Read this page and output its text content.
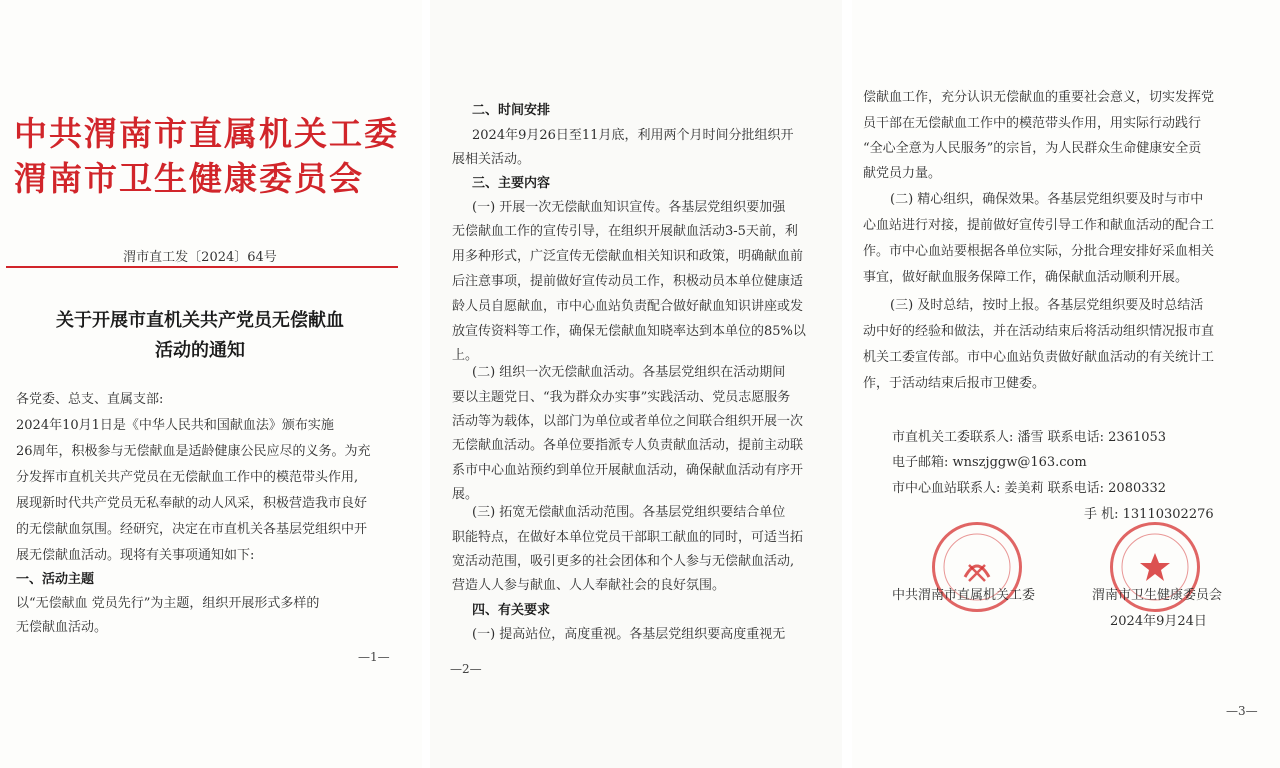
中共渭南市直属机关工委
渭南市卫生健康委员会
渭市直工发〔2024〕64号
关于开展市直机关共产党员无偿献血
活动的通知
各党委、总支、直属支部:
2024年10月1日是《中华人民共和国献血法》颁布实施
26周年，积极参与无偿献血是适龄健康公民应尽的义务。为充
分发挥市直机关共产党员在无偿献血工作中的模范带头作用,
展现新时代共产党员无私奉献的动人风采，积极营造我市良好
的无偿献血氛围。经研究，决定在市直机关各基层党组织中开
展无偿献血活动。现将有关事项通知如下:
一、活动主题
以“无偿献血 党员先行”为主题，组织开展形式多样的
无偿献血活动。
—1—
二、时间安排
2024年9月26日至11月底，利用两个月时间分批组织开
展相关活动。
三、主要内容
(一) 开展一次无偿献血知识宣传。各基层党组织要加强
无偿献血工作的宣传引导，在组织开展献血活动3-5天前，利
用多种形式，广泛宣传无偿献血相关知识和政策，明确献血前
后注意事项，提前做好宣传动员工作，积极动员本单位健康适
龄人员自愿献血，市中心血站负责配合做好献血知识讲座或发
放宣传资料等工作，确保无偿献血知晓率达到本单位的85%以
上。
(二) 组织一次无偿献血活动。各基层党组织在活动期间
要以主题党日、“我为群众办实事”实践活动、党员志愿服务
活动等为载体，以部门为单位或者单位之间联合组织开展一次
无偿献血活动。各单位要指派专人负责献血活动，提前主动联
系市中心血站预约到单位开展献血活动，确保献血活动有序开
展。
(三) 拓宽无偿献血活动范围。各基层党组织要结合单位
职能特点，在做好本单位党员干部职工献血的同时，可适当拓
宽活动范围，吸引更多的社会团体和个人参与无偿献血活动,
营造人人参与献血、人人奉献社会的良好氛围。
四、有关要求
(一) 提高站位，高度重视。各基层党组织要高度重视无
—2—
偿献血工作，充分认识无偿献血的重要社会意义，切实发挥党
员干部在无偿献血工作中的模范带头作用，用实际行动践行
“全心全意为人民服务”的宗旨，为人民群众生命健康安全贡
献党员力量。
(二) 精心组织，确保效果。各基层党组织要及时与市中
心血站进行对接，提前做好宣传引导工作和献血活动的配合工
作。市中心血站要根据各单位实际，分批合理安排好采血相关
事宜，做好献血服务保障工作，确保献血活动顺利开展。
(三) 及时总结，按时上报。各基层党组织要及时总结活
动中好的经验和做法，并在活动结束后将活动组织情况报市直
机关工委宣传部。市中心血站负责做好献血活动的有关统计工
作，于活动结束后报市卫健委。
市直机关工委联系人: 潘雪 联系电话: 2361053
电子邮箱: wnszjggw@163.com
市中心血站联系人: 姜美莉 联系电话: 2080332
手 机: 13110302276
中共渭南市直属机关工委	渭南市卫生健康委员会
2024年9月24日
—3—
